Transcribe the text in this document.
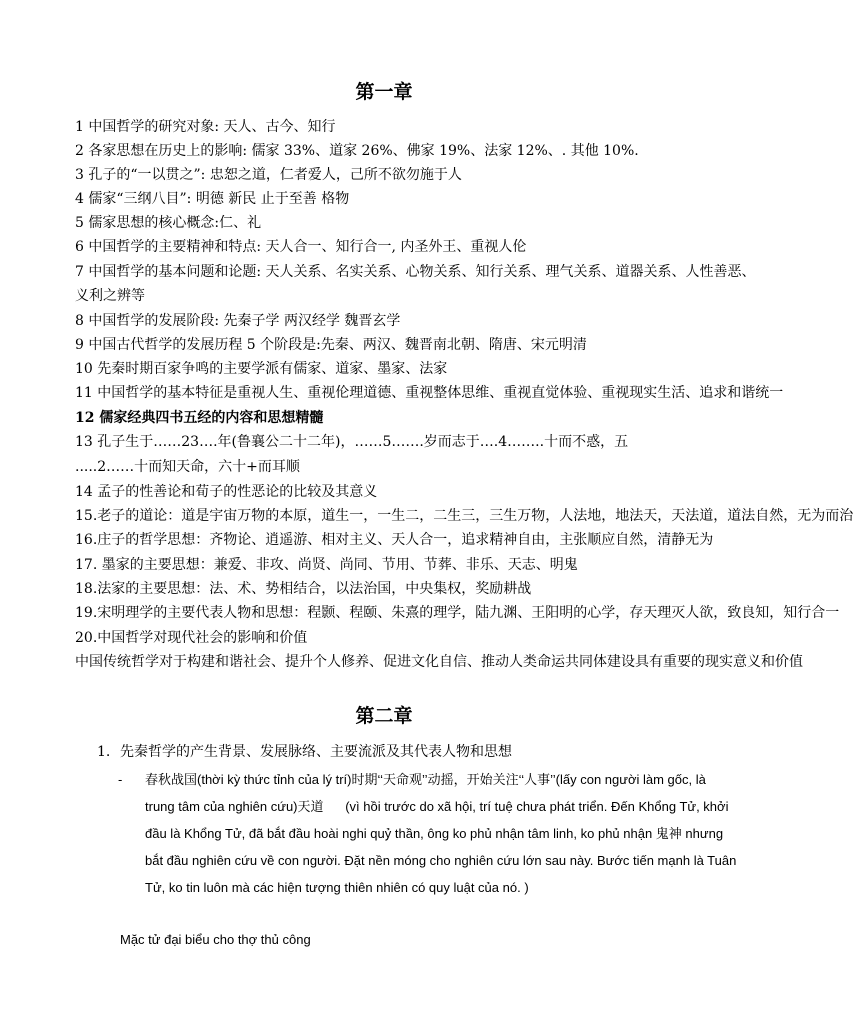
第一章
1 中国哲学的研究对象: 天人、古今、知行
2 各家思想在历史上的影响: 儒家 33%、道家 26%、佛家 19%、法家 12%、. 其他 10%.
3 孔子的“一以贯之”: 忠恕之道，仁者爱人，己所不欲勿施于人
4 儒家“三纲八目”: 明德 新民 止于至善 格物
5 儒家思想的核心概念:仁、礼
6 中国哲学的主要精神和特点: 天人合一、知行合一, 内圣外王、重视人伦
7 中国哲学的基本问题和论题: 天人关系、名实关系、心物关系、知行关系、理气关系、道器关系、人性善恶、
义利之辨等
8 中国哲学的发展阶段: 先秦子学 两汉经学 魏晋玄学
9 中国古代哲学的发展历程 5 个阶段是:先秦、两汉、魏晋南北朝、隋唐、宋元明清
10 先秦时期百家争鸣的主要学派有儒家、道家、墨家、法家
11 中国哲学的基本特征是重视人生、重视伦理道德、重视整体思维、重视直觉体验、重视现实生活、追求和谐统一
12 儒家经典四书五经的内容和思想精髓
13 孔子生于……23….年(鲁襄公二十二年)，……5…….岁而志于….4……..十而不惑，五
.....2……十而知天命，六十+而耳顺
14 孟子的性善论和荀子的性恶论的比较及其意义
15.老子的道论：道是宇宙万物的本原，道生一，一生二，二生三，三生万物，人法地，地法天，天法道，道法自然，无为而治
16.庄子的哲学思想：齐物论、逍遥游、相对主义、天人合一，追求精神自由，主张顺应自然，清静无为
17. 墨家的主要思想：兼爱、非攻、尚贤、尚同、节用、节葬、非乐、天志、明鬼
18.法家的主要思想：法、术、势相结合，以法治国，中央集权，奖励耕战
19.宋明理学的主要代表人物和思想：程颢、程颐、朱熹的理学，陆九渊、王阳明的心学，存天理灭人欲，致良知，知行合一
20.中国哲学对现代社会的影响和价值
中国传统哲学对于构建和谐社会、提升个人修养、促进文化自信、推动人类命运共同体建设具有重要的现实意义和价值
第二章
1. 先秦哲学的产生背景、发展脉络、主要流派及其代表人物和思想
- 春秋战国(thời kỳ thức tỉnh của lý trí)时期‘‘天命观’’动摇，开始关注‘‘人事’’(lấy con người làm gốc, là trung tâm của nghiên cứu)天道 (vì hồi trước do xã hội, trí tuệ chưa phát triển. Đến Khổng Tử, khởi đầu là Khổng Tử, đã bắt đầu hoài nghi quỷ thần, ông ko phủ nhận tâm linh, ko phủ nhận 鬼神 nhưng bắt đầu nghiên cứu về con người. Đặt nền móng cho nghiên cứu lớn sau này. Bước tiến mạnh là Tuân Tử, ko tin luôn mà các hiện tượng thiên nhiên có quy luật của nó. )
Mặc tử đại biểu cho thợ thủ công
